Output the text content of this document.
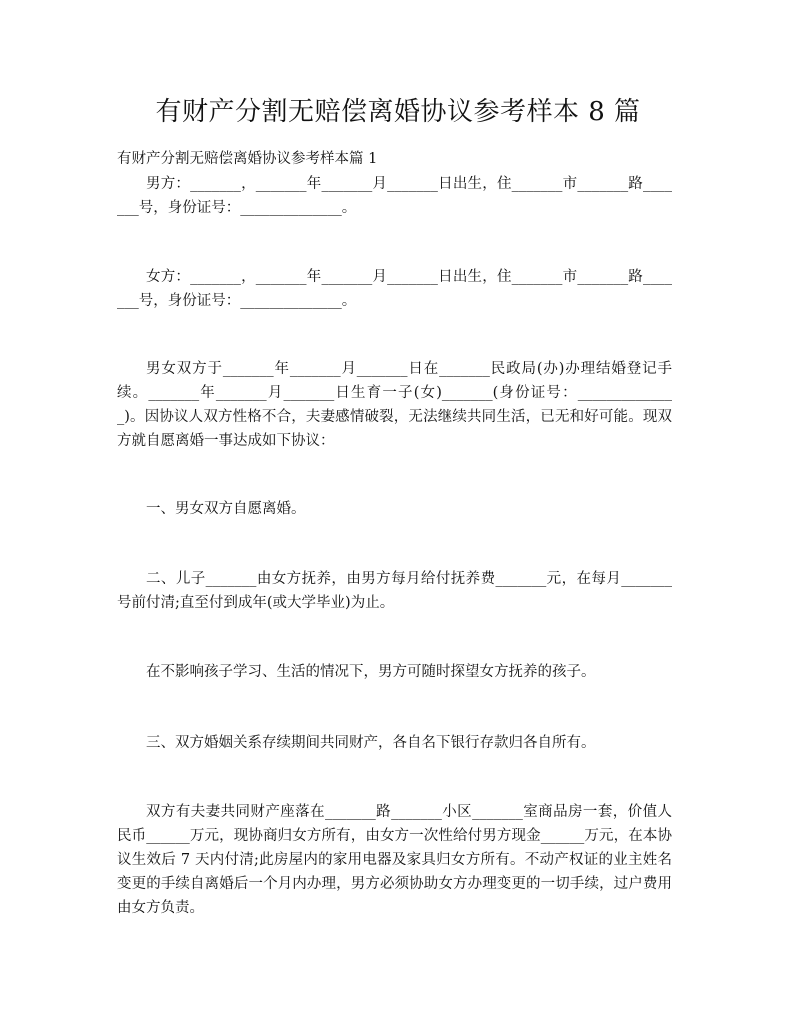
有财产分割无赔偿离婚协议参考样本 8 篇

有财产分割无赔偿离婚协议参考样本篇 1

男方：_______，_______年_______月_______日出生，住_______市_______路_______号，身份证号：______________。

女方：_______，_______年_______月_______日出生，住_______市_______路_______号，身份证号：______________。

男女双方于_______年_______月_______日在_______民政局(办)办理结婚登记手续。_______年_______月_______日生育一子(女)_______(身份证号：______________)。因协议人双方性格不合，夫妻感情破裂，无法继续共同生活，已无和好可能。现双方就自愿离婚一事达成如下协议：

一、男女双方自愿离婚。

二、儿子_______由女方抚养，由男方每月给付抚养费_______元，在每月_______号前付清;直至付到成年(或大学毕业)为止。

在不影响孩子学习、生活的情况下，男方可随时探望女方抚养的孩子。

三、双方婚姻关系存续期间共同财产，各自名下银行存款归各自所有。

双方有夫妻共同财产座落在_______路_______小区_______室商品房一套，价值人民币______万元，现协商归女方所有，由女方一次性给付男方现金______万元，在本协议生效后 7 天内付清;此房屋内的家用电器及家具归女方所有。不动产权证的业主姓名变更的手续自离婚后一个月内办理，男方必须协助女方办理变更的一切手续，过户费用由女方负责。
